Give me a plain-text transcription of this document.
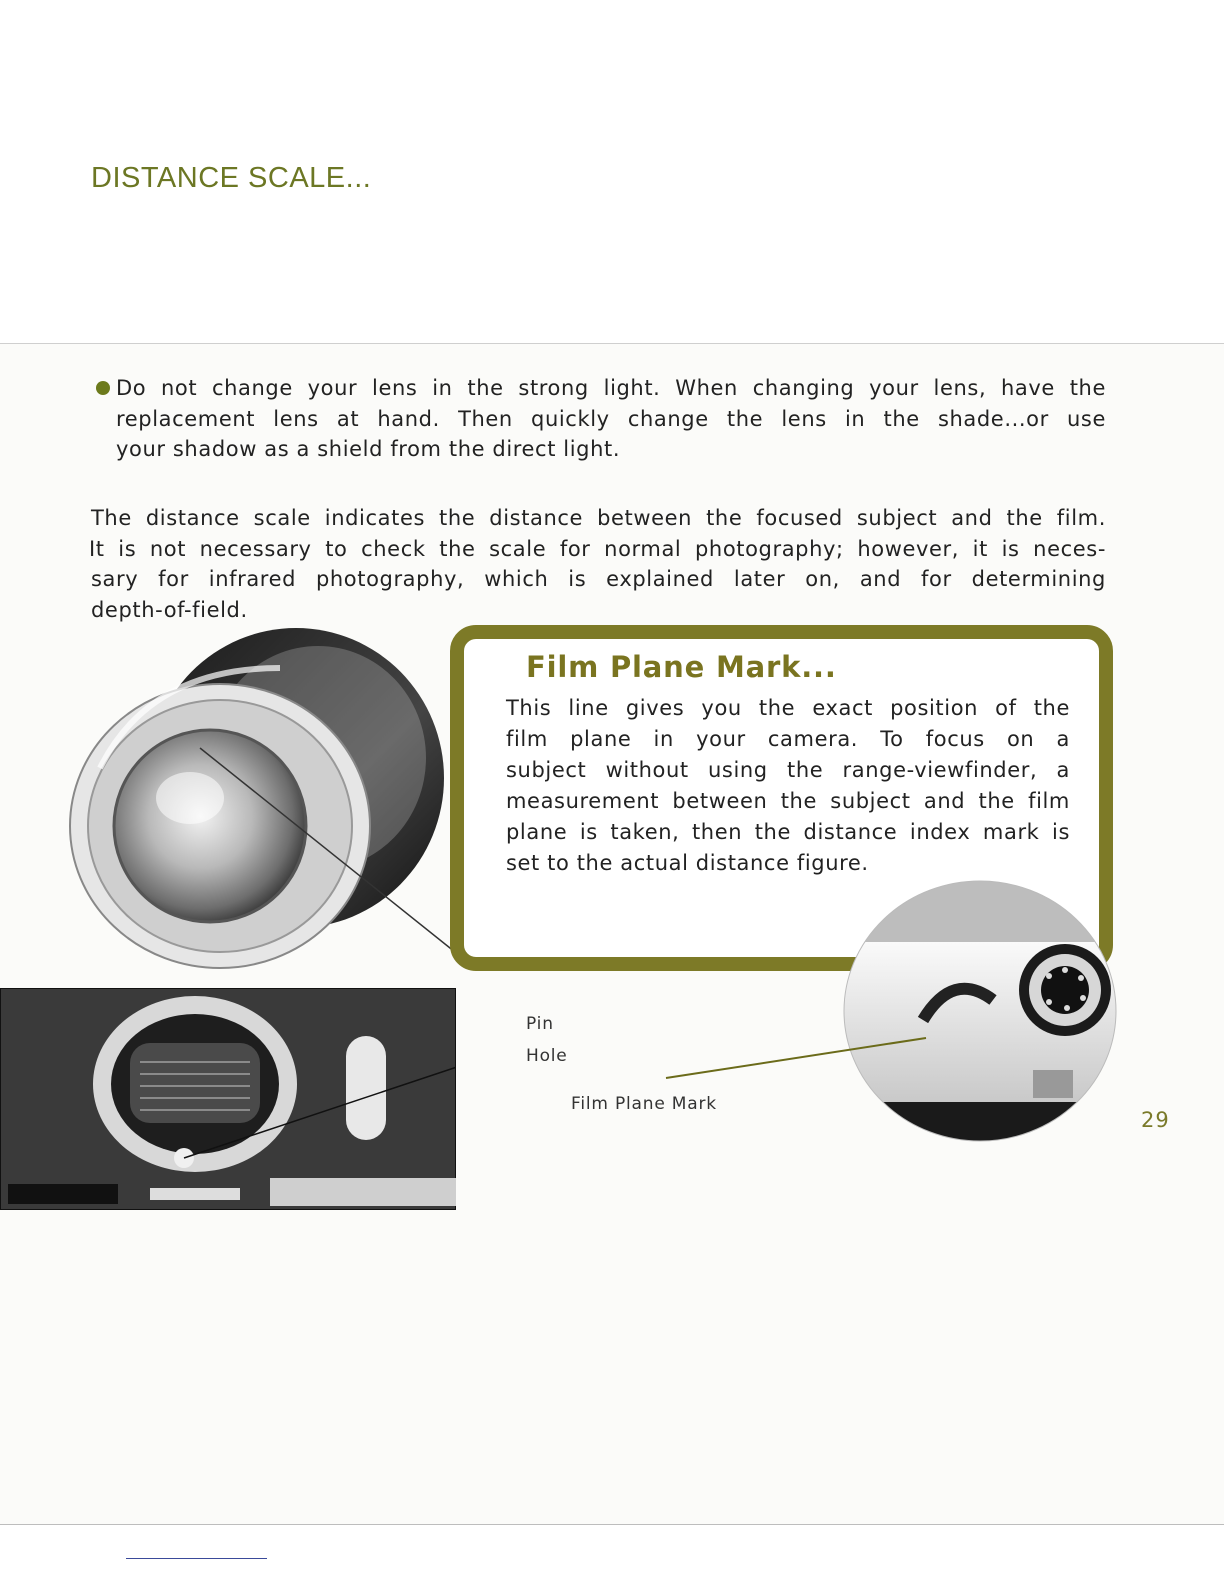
Do not change your lens in the strong light. When changing your lens, have the
replacement lens at hand. Then quickly change the lens in the shade...or use
your shadow as a shield from the direct light.
DISTANCE SCALE...
The distance scale indicates the distance between the focused subject and the film.
It is not necessary to check the scale for normal photography; however, it is neces-
sary for infrared photography, which is explained later on, and for determining
depth-of-field.
Film Plane Mark...
This line gives you the exact position of the
film plane in your camera. To focus on a
subject without using the range-viewfinder, a
measurement between the subject and the film
plane is taken, then the distance index mark is
set to the actual distance figure.
Pin
Hole
Film Plane Mark
29
